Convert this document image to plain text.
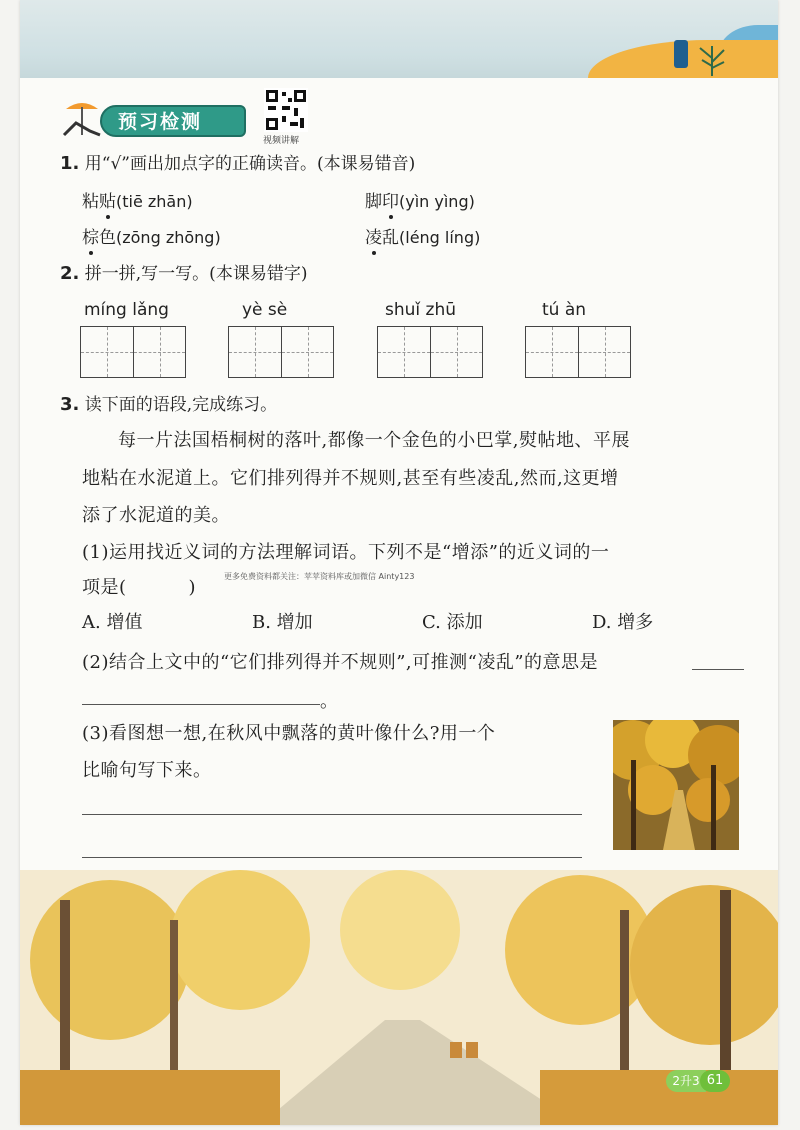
预习检测
视频讲解
1. 用“√”画出加点字的正确读音。(本课易错音)
粘贴(tiē zhān)	脚印(yìn yìng)
棕色(zōng zhōng)	凌乱(léng líng)
2. 拼一拼,写一写。(本课易错字)
míng lǎng	yè sè	shuǐ zhū	tú àn
3. 读下面的语段,完成练习。
每一片法国梧桐树的落叶,都像一个金色的小巴掌,熨帖地、平展
地粘在水泥道上。它们排列得并不规则,甚至有些凌乱,然而,这更增
添了水泥道的美。
(1)运用找近义词的方法理解词语。下列不是“增添”的近义词的一
项是(	)
更多免费资料都关注：苹苹资料库或加微信 Ainty123
A. 增值	B. 增加	C. 添加	D. 增多
(2)结合上文中的“它们排列得并不规则”,可推测“凌乱”的意思是
。
(3)看图想一想,在秋风中飘落的黄叶像什么?用一个
比喻句写下来。
2升3 61
